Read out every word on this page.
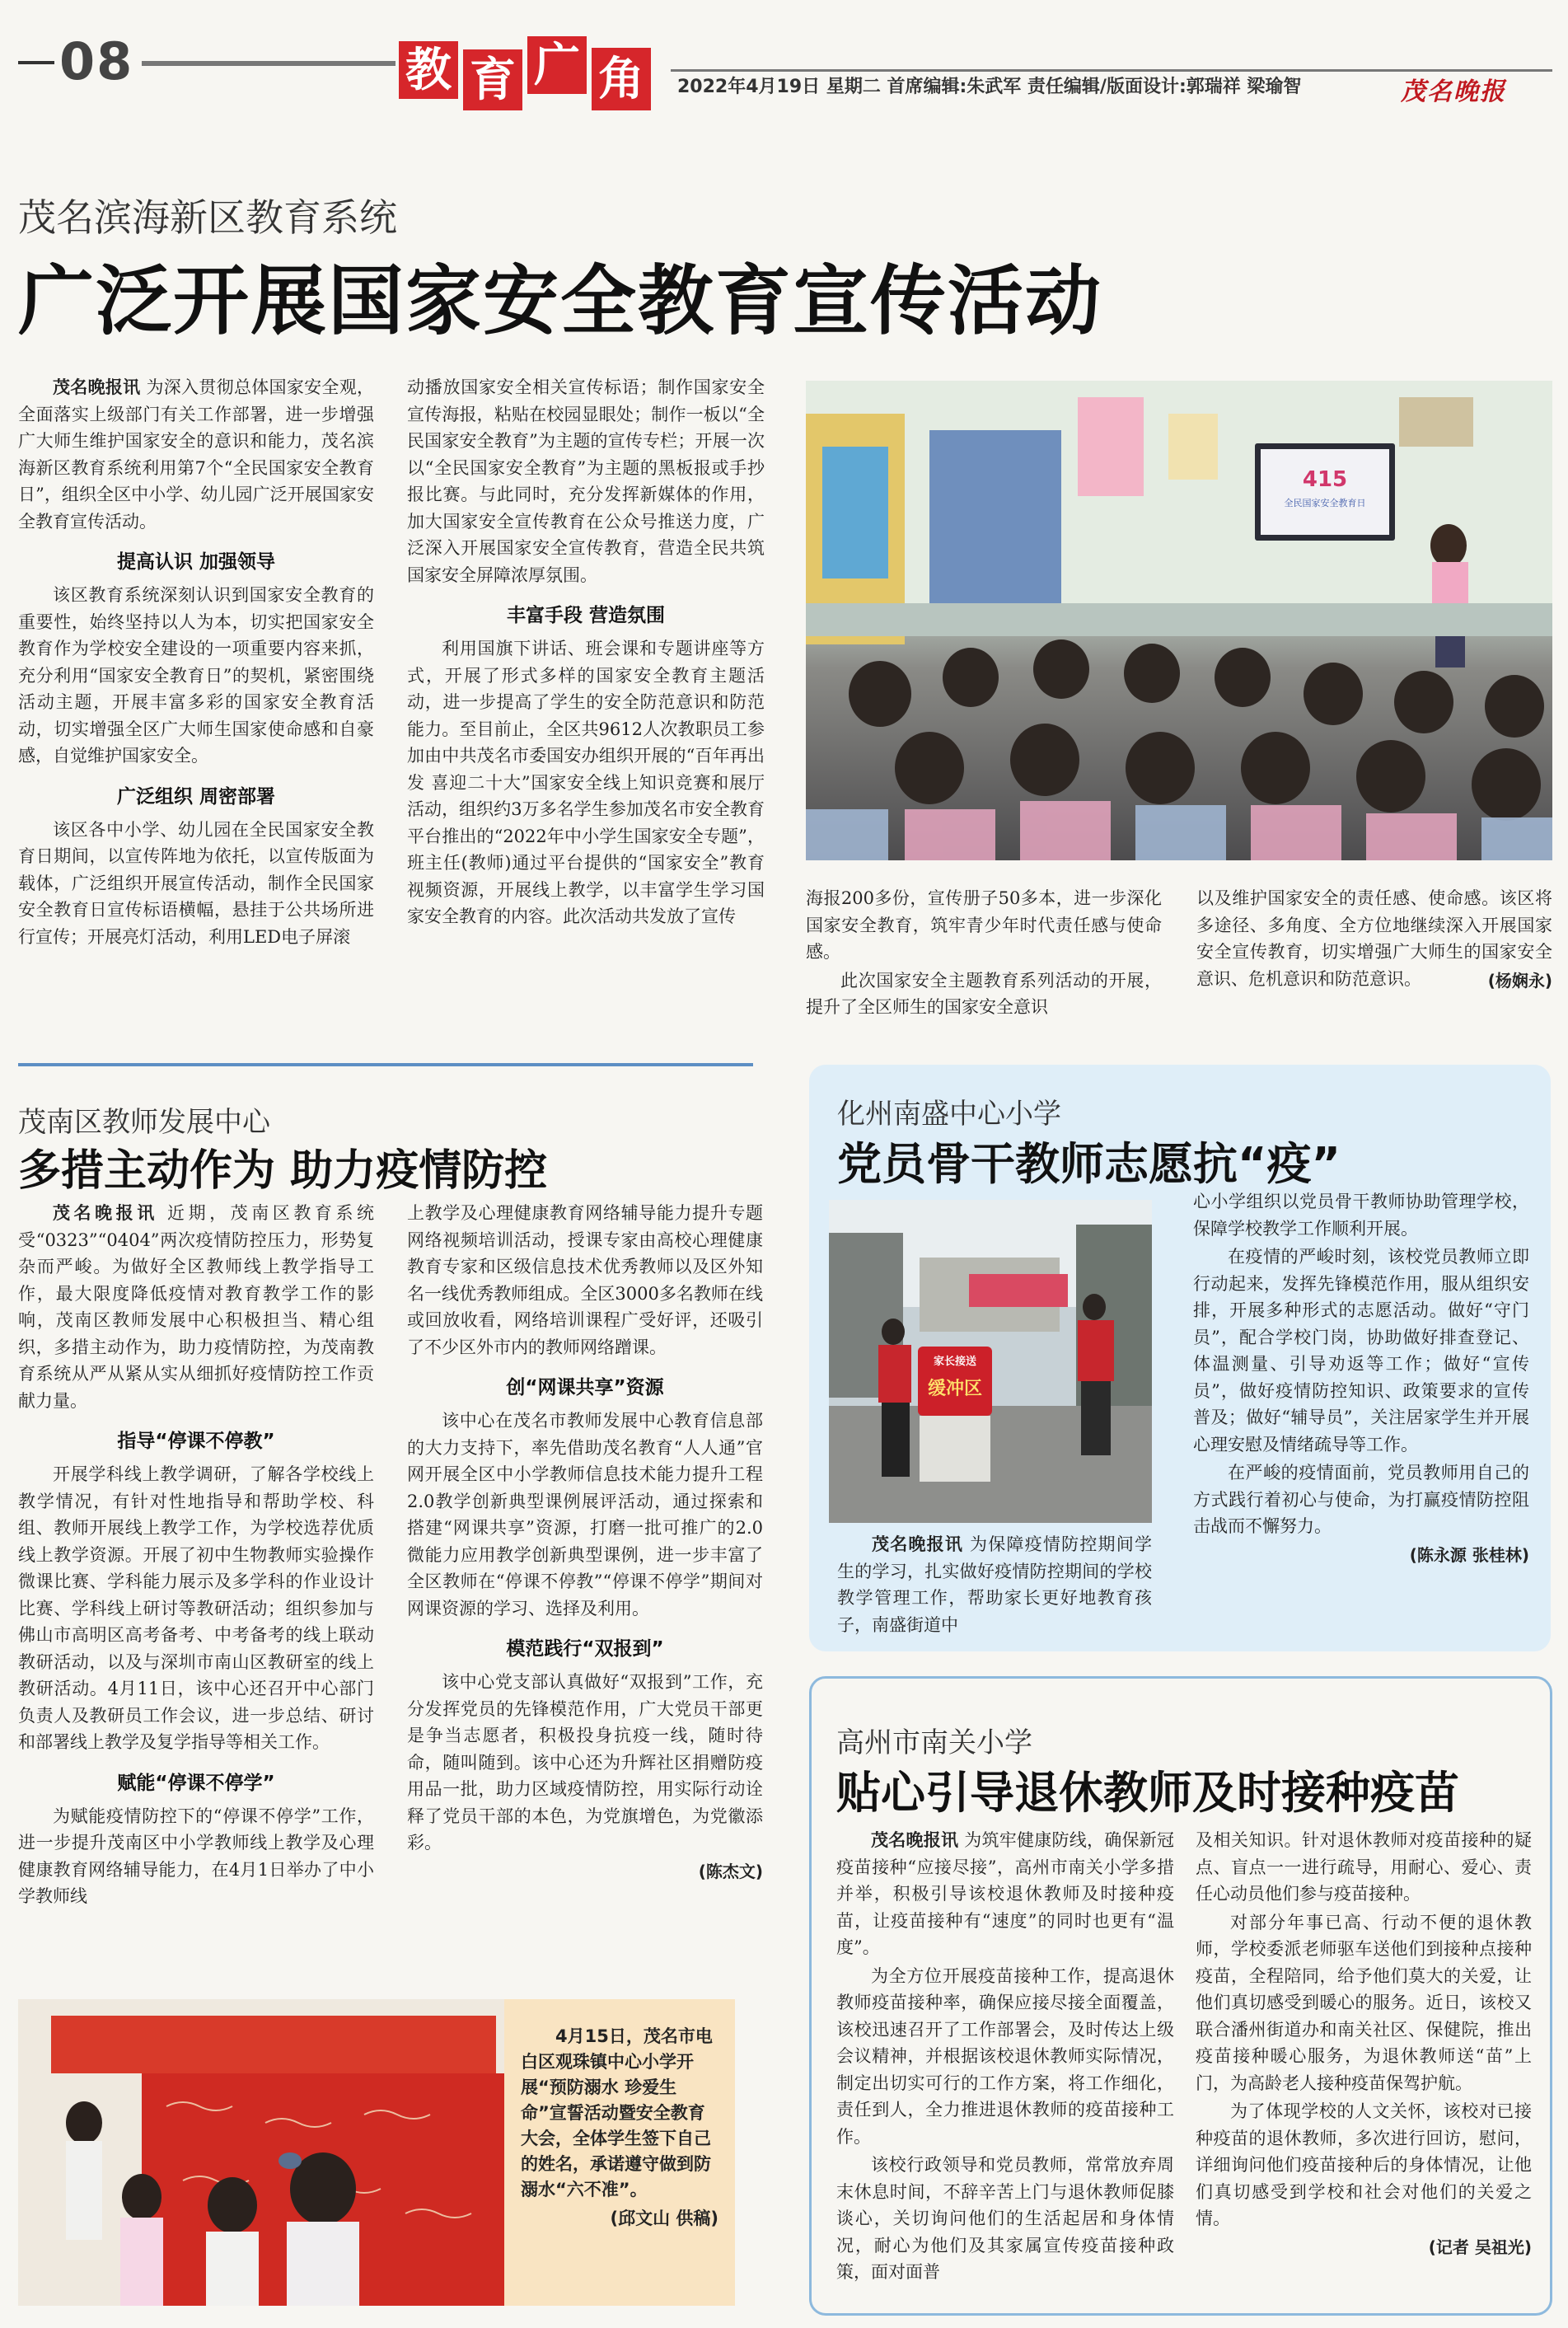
08	教 育 广 角	2022年4月19日 星期二 首席编辑:朱武军 责任编辑/版面设计:郭瑞祥 梁瑜智	茂名晚报
茂名滨海新区教育系统
广泛开展国家安全教育宣传活动

茂名晚报讯 为深入贯彻总体国家安全观，全面落实上级部门有关工作部署，进一步增强广大师生维护国家安全的意识和能力，茂名滨海新区教育系统利用第7个“全民国家安全教育日”，组织全区中小学、幼儿园广泛开展国家安全教育宣传活动。

提高认识 加强领导

该区教育系统深刻认识到国家安全教育的重要性，始终坚持以人为本，切实把国家安全教育作为学校安全建设的一项重要内容来抓，充分利用“国家安全教育日”的契机，紧密围绕活动主题，开展丰富多彩的国家安全教育活动，切实增强全区广大师生国家使命感和自豪感，自觉维护国家安全。

广泛组织 周密部署

该区各中小学、幼儿园在全民国家安全教育日期间，以宣传阵地为依托，以宣传版面为载体，广泛组织开展宣传活动，制作全民国家安全教育日宣传标语横幅，悬挂于公共场所进行宣传；开展亮灯活动，利用LED电子屏滚

动播放国家安全相关宣传标语；制作国家安全宣传海报，粘贴在校园显眼处；制作一板以“全民国家安全教育”为主题的宣传专栏；开展一次以“全民国家安全教育”为主题的黑板报或手抄报比赛。与此同时，充分发挥新媒体的作用，加大国家安全宣传教育在公众号推送力度，广泛深入开展国家安全宣传教育，营造全民共筑国家安全屏障浓厚氛围。

丰富手段 营造氛围

利用国旗下讲话、班会课和专题讲座等方式，开展了形式多样的国家安全教育主题活动，进一步提高了学生的安全防范意识和防范能力。至目前止，全区共9612人次教职员工参加由中共茂名市委国安办组织开展的“百年再出发 喜迎二十大”国家安全线上知识竞赛和展厅活动，组织约3万多名学生参加茂名市安全教育平台推出的“2022年中小学生国家安全专题”，班主任(教师)通过平台提供的“国家安全”教育视频资源，开展线上教学，以丰富学生学习国家安全教育的内容。此次活动共发放了宣传

415
全民国家安全教育日

海报200多份，宣传册子50多本，进一步深化国家安全教育，筑牢青少年时代责任感与使命感。

此次国家安全主题教育系列活动的开展，提升了全区师生的国家安全意识

以及维护国家安全的责任感、使命感。该区将多途径、多角度、全方位地继续深入开展国家安全宣传教育，切实增强广大师生的国家安全意识、危机意识和防范意识。	(杨娴永)
茂南区教师发展中心
多措主动作为 助力疫情防控

茂名晚报讯 近期，茂南区教育系统受“0323”“0404”两次疫情防控压力，形势复杂而严峻。为做好全区教师线上教学指导工作，最大限度降低疫情对教育教学工作的影响，茂南区教师发展中心积极担当、精心组织，多措主动作为，助力疫情防控，为茂南教育系统从严从紧从实从细抓好疫情防控工作贡献力量。

指导“停课不停教”

开展学科线上教学调研，了解各学校线上教学情况，有针对性地指导和帮助学校、科组、教师开展线上教学工作，为学校选荐优质线上教学资源。开展了初中生物教师实验操作微课比赛、学科能力展示及多学科的作业设计比赛、学科线上研讨等教研活动；组织参加与佛山市高明区高考备考、中考备考的线上联动教研活动，以及与深圳市南山区教研室的线上教研活动。4月11日，该中心还召开中心部门负责人及教研员工作会议，进一步总结、研讨和部署线上教学及复学指导等相关工作。

赋能“停课不停学”

为赋能疫情防控下的“停课不停学”工作，进一步提升茂南区中小学教师线上教学及心理健康教育网络辅导能力，在4月1日举办了中小学教师线

上教学及心理健康教育网络辅导能力提升专题网络视频培训活动，授课专家由高校心理健康教育专家和区级信息技术优秀教师以及区外知名一线优秀教师组成。全区3000多名教师在线或回放收看，网络培训课程广受好评，还吸引了不少区外市内的教师网络蹭课。

创“网课共享”资源

该中心在茂名市教师发展中心教育信息部的大力支持下，率先借助茂名教育“人人通”官网开展全区中小学教师信息技术能力提升工程2.0教学创新典型课例展评活动，通过探索和搭建“网课共享”资源，打磨一批可推广的2.0微能力应用教学创新典型课例，进一步丰富了全区教师在“停课不停教”“停课不停学”期间对网课资源的学习、选择及利用。

模范践行“双报到”

该中心党支部认真做好“双报到”工作，充分发挥党员的先锋模范作用，广大党员干部更是争当志愿者，积极投身抗疫一线，随时待命，随叫随到。该中心还为升辉社区捐赠防疫用品一批，助力区域疫情防控，用实际行动诠释了党员干部的本色，为党旗增色，为党徽添彩。

(陈杰文)
4月15日，茂名市电白区观珠镇中心小学开展“预防溺水 珍爱生命”宣誓活动暨安全教育大会，全体学生签下自己的姓名，承诺遵守做到防溺水“六不准”。
(邱文山 供稿)
化州南盛中心小学
党员骨干教师志愿抗“疫”
家长接送
缓冲区

茂名晚报讯 为保障疫情防控期间学生的学习，扎实做好疫情防控期间的学校教学管理工作，帮助家长更好地教育孩子，南盛街道中

心小学组织以党员骨干教师协助管理学校，保障学校教学工作顺利开展。

在疫情的严峻时刻，该校党员教师立即行动起来，发挥先锋模范作用，服从组织安排，开展多种形式的志愿活动。做好“守门员”，配合学校门岗，协助做好排查登记、体温测量、引导劝返等工作；做好“宣传员”，做好疫情防控知识、政策要求的宣传普及；做好“辅导员”，关注居家学生并开展心理安慰及情绪疏导等工作。

在严峻的疫情面前，党员教师用自己的方式践行着初心与使命，为打赢疫情防控阻击战而不懈努力。

(陈永源 张桂林)
高州市南关小学
贴心引导退休教师及时接种疫苗

茂名晚报讯 为筑牢健康防线，确保新冠疫苗接种“应接尽接”，高州市南关小学多措并举，积极引导该校退休教师及时接种疫苗，让疫苗接种有“速度”的同时也更有“温度”。

为全方位开展疫苗接种工作，提高退休教师疫苗接种率，确保应接尽接全面覆盖，该校迅速召开了工作部署会，及时传达上级会议精神，并根据该校退休教师实际情况，制定出切实可行的工作方案，将工作细化，责任到人，全力推进退休教师的疫苗接种工作。

该校行政领导和党员教师，常常放弃周末休息时间，不辞辛苦上门与退休教师促膝谈心，关切询问他们的生活起居和身体情况，耐心为他们及其家属宣传疫苗接种政策，面对面普

及相关知识。针对退休教师对疫苗接种的疑点、盲点一一进行疏导，用耐心、爱心、责任心动员他们参与疫苗接种。

对部分年事已高、行动不便的退休教师，学校委派老师驱车送他们到接种点接种疫苗，全程陪同，给予他们莫大的关爱，让他们真切感受到暖心的服务。近日，该校又联合潘州街道办和南关社区、保健院，推出疫苗接种暖心服务，为退休教师送“苗”上门，为高龄老人接种疫苗保驾护航。

为了体现学校的人文关怀，该校对已接种疫苗的退休教师，多次进行回访，慰问，详细询问他们疫苗接种后的身体情况，让他们真切感受到学校和社会对他们的关爱之情。

(记者 吴祖光)
